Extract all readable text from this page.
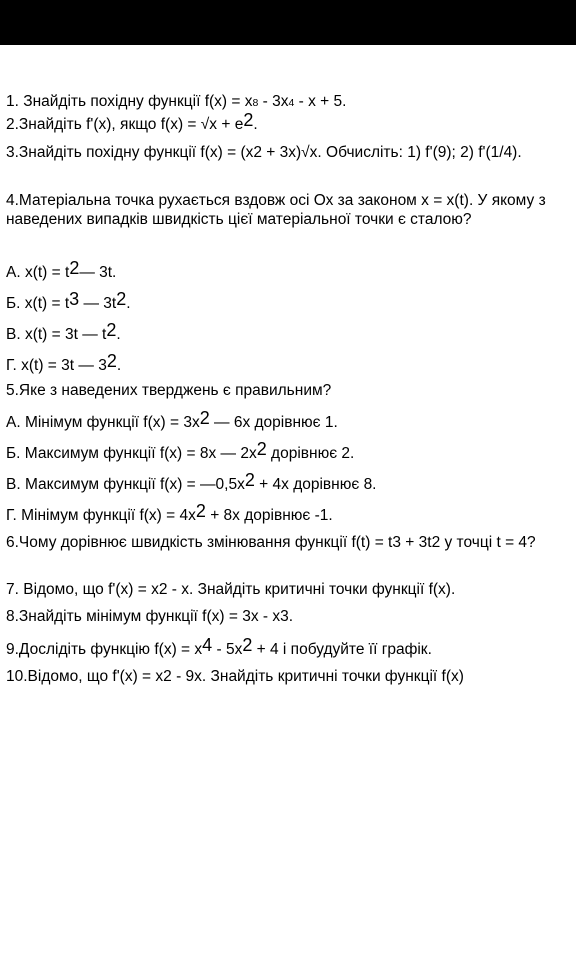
1. Знайдіть похідну функції f(x) = x8 - 3x4 - x + 5.
2.Знайдіть f'(x), якщо f(x) = √x + e2.
3.Знайдіть похідну функції f(x) = (x2 + 3x)√x. Обчисліть: 1) f'(9); 2) f'(1/4).
4.Матеріальна точка рухається вздовж осі Ох за законом x = x(t). У якому з наведених випадків швидкість цієї матеріальної точки є сталою?
А. x(t) = t2— 3t.
Б. x(t) = t3 — 3t2.
В. x(t) = 3t — t2.
Г. x(t) = 3t — 32.
5.Яке з наведених тверджень є правильним?
А. Мінімум функції f(x) = 3x2 — 6x дорівнює 1.
Б. Максимум функції f(x) = 8x — 2x2 дорівнює 2.
В. Максимум функції f(x) = —0,5x2 + 4x дорівнює 8.
Г. Мінімум функції f(x) = 4x2 + 8x дорівнює -1.
6.Чому дорівнює швидкість змінювання функції f(t) = t3 + 3t2 у точці t = 4?
7. Відомо, що f'(x) = x2 - x. Знайдіть критичні точки функції f(x).
8.Знайдіть мінімум функції f(x) = 3x - x3.
9.Дослідіть функцію f(x) = x4 - 5x2 + 4 і побудуйте її графік.
10.Відомо, що f'(x) = x2 - 9x. Знайдіть критичні точки функції f(x)
